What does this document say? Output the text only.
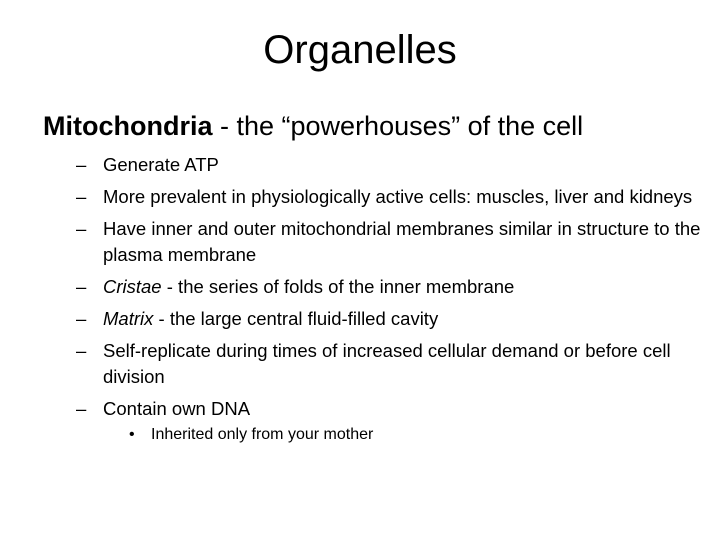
Organelles
Mitochondria - the “powerhouses” of the cell
– Generate ATP
– More prevalent in physiologically active cells: muscles, liver and kidneys
– Have inner and outer mitochondrial membranes similar in structure to the plasma membrane
– Cristae - the series of folds of the inner membrane
– Matrix - the large central fluid-filled cavity
– Self-replicate during times of increased cellular demand or before cell division
– Contain own DNA
• Inherited only from your mother
